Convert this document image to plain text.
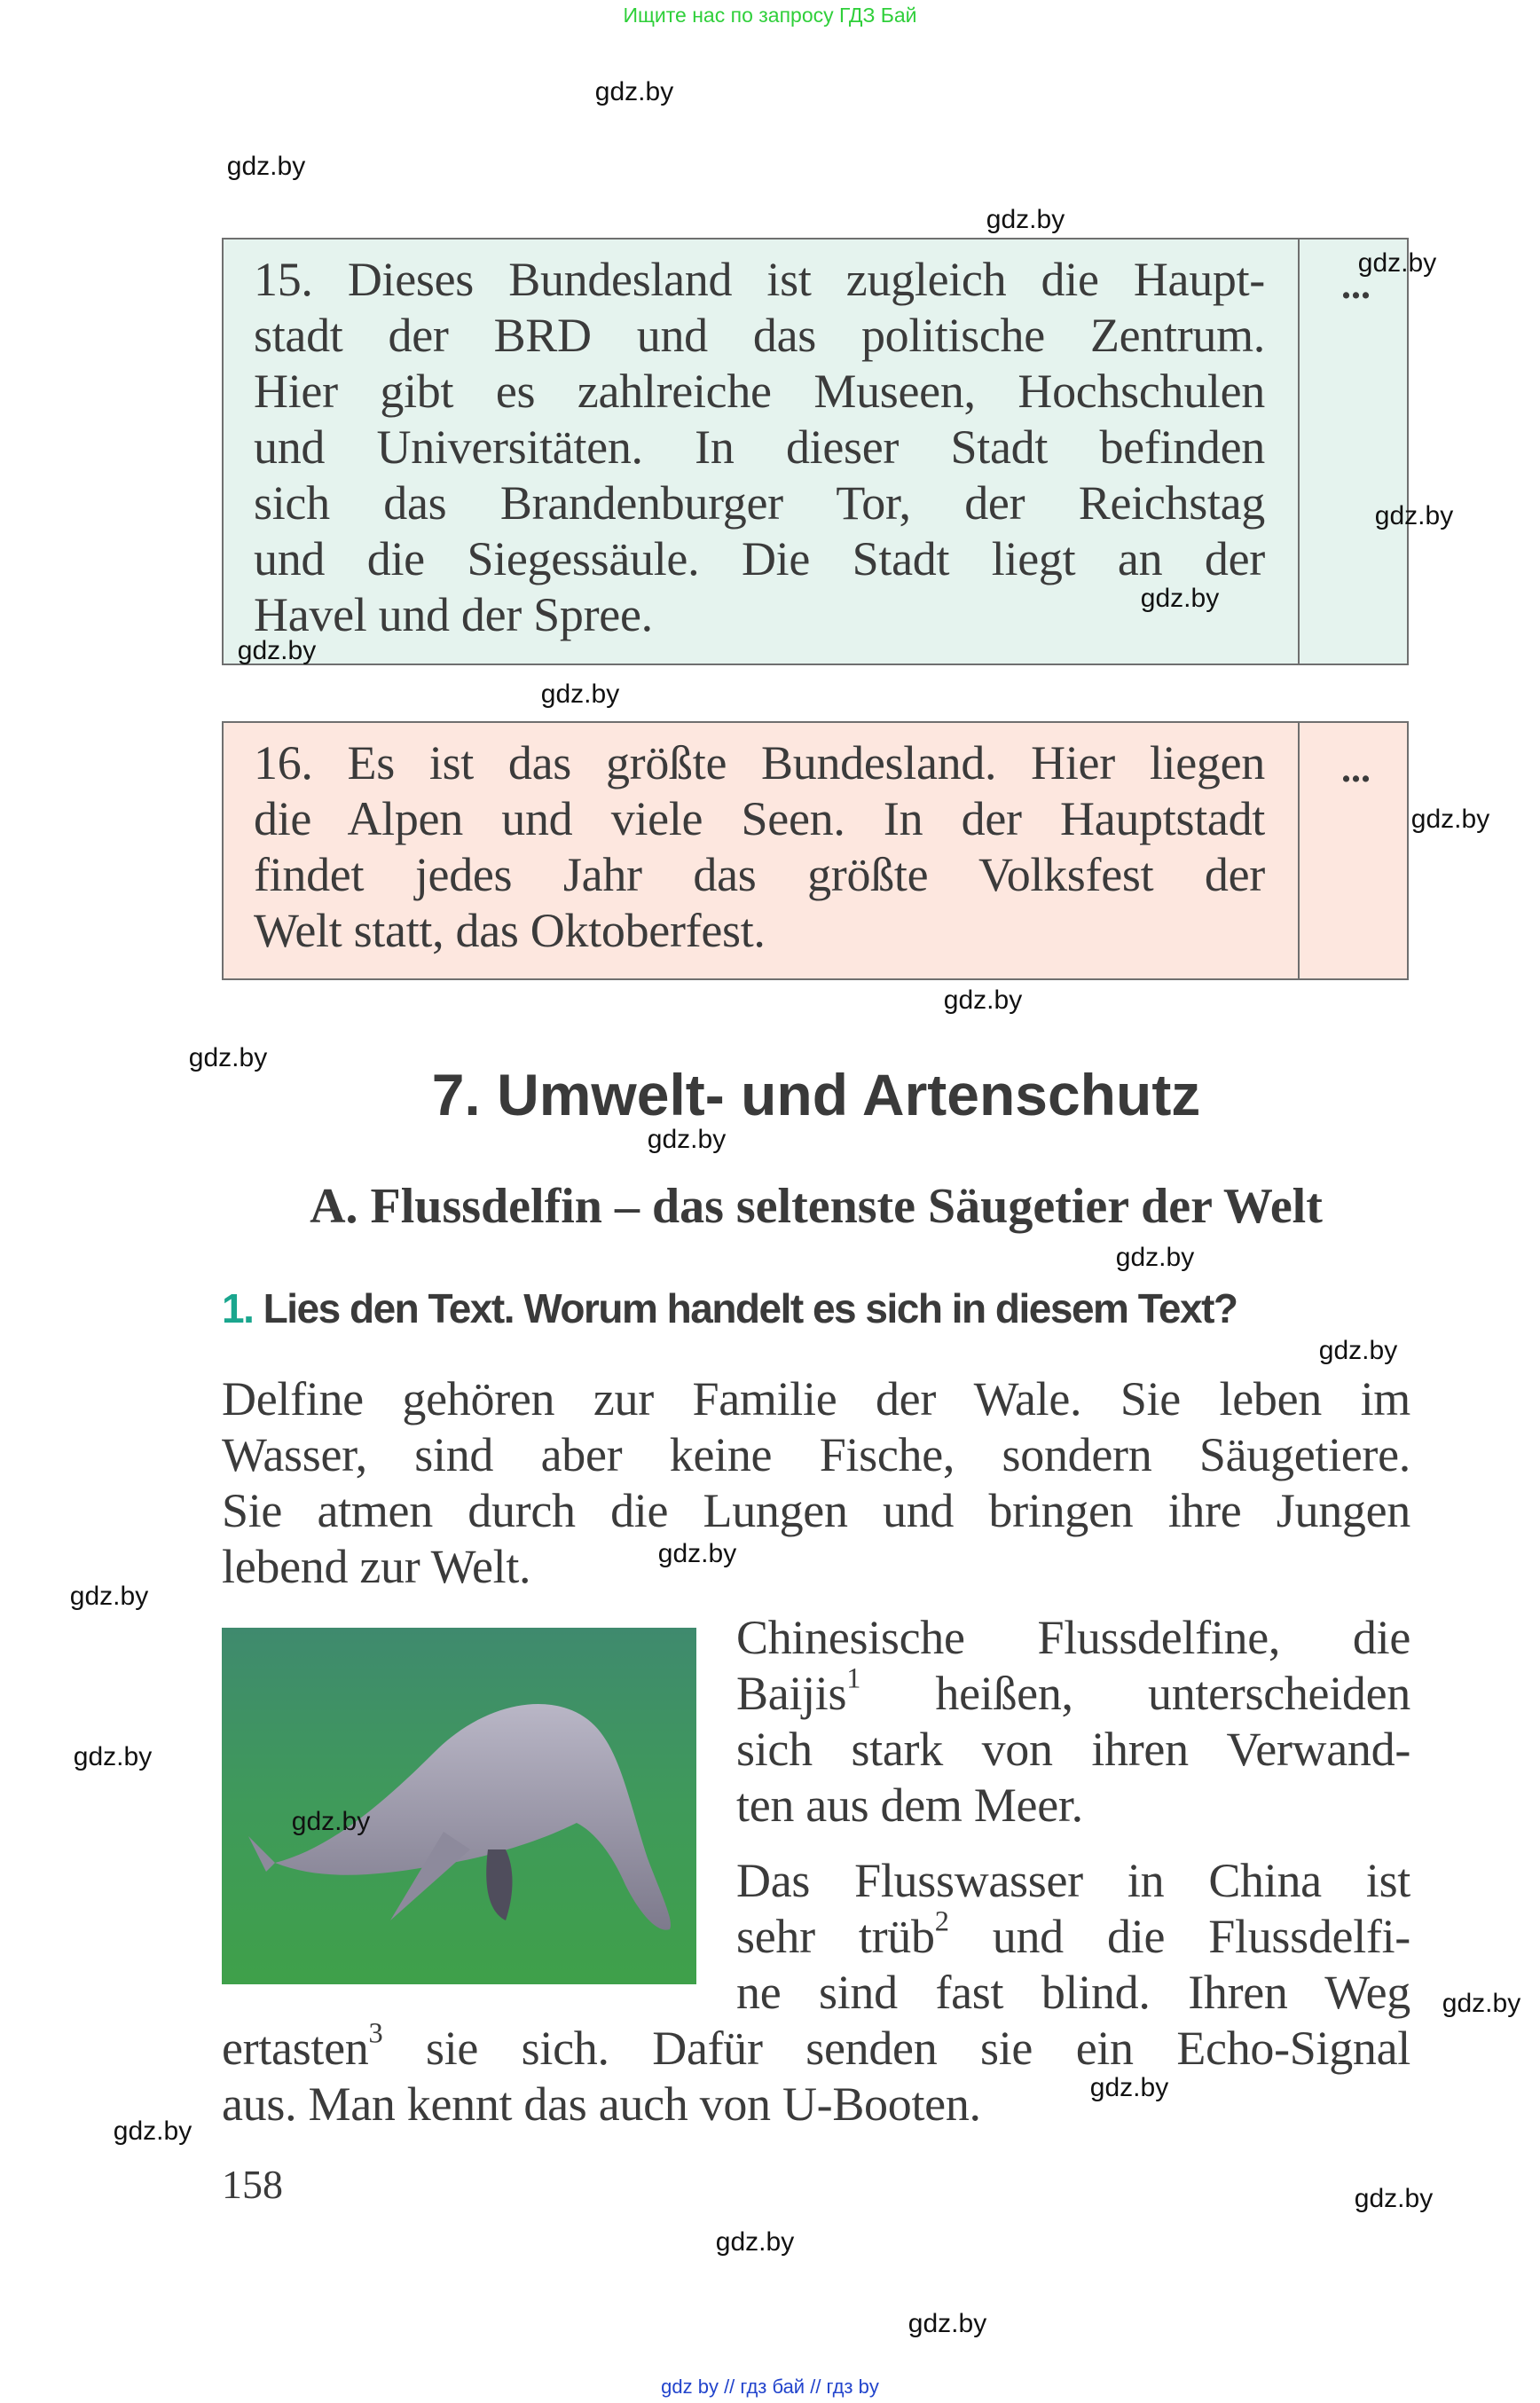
Ищите нас по запросу ГДЗ Бай
15. Dieses Bundesland ist zugleich die Haupt-
stadt der BRD und das politische Zentrum.
Hier gibt es zahlreiche Museen, Hochschulen
und Universitäten. In dieser Stadt befinden
sich das Brandenburger Tor, der Reichstag
und die Siegessäule. Die Stadt liegt an der
Havel und der Spree.
...
16. Es ist das größte Bundesland. Hier liegen
die Alpen und viele Seen. In der Hauptstadt
findet jedes Jahr das größte Volksfest der
Welt statt, das Oktoberfest.
...
7. Umwelt- und Artenschutz
A. Flussdelfin – das seltenste Säugetier der Welt
1. Lies den Text. Worum handelt es sich in diesem Text?
Delfine gehören zur Familie der Wale. Sie leben im
Wasser, sind aber keine Fische, sondern Säugetiere.
Sie atmen durch die Lungen und bringen ihre Jungen
lebend zur Welt.
Chinesische Flussdelfine, die
Baijis$^1$ heißen, unterscheiden
sich stark von ihren Verwand-
ten aus dem Meer.
Das Flusswasser in China ist
sehr trüb$^2$ und die Flussdelfi-
ne sind fast blind. Ihren Weg
ertasten$^3$ sie sich. Dafür senden sie ein Echo-Signal
aus. Man kennt das auch von U-Booten.
158
gdz.by
gdz.by
gdz.by
gdz.by
gdz.by
gdz.by
gdz.by
gdz.by
gdz.by
gdz.by
gdz.by
gdz.by
gdz.by
gdz.by
gdz.by
gdz.by
gdz.by
gdz.by
gdz.by
gdz.by
gdz.by
gdz.by
gdz.by
gdz.by
gdz by // гдз бай // гдз by
